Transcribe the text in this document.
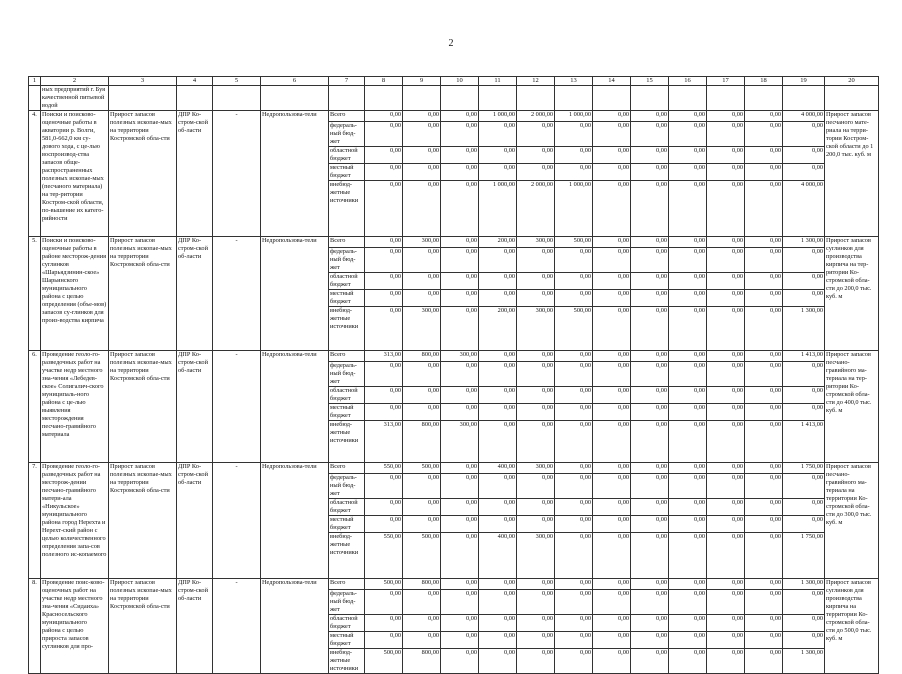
2
1	2	3	4	5	6	7	8	9	10	11	12	13	14	15	16	17	18	19	20
	ных предприятий г. Буя качественной питьевой водой																		
4.	Поиски и поисково-оценочные работы в акватории р. Волги, 581,0-662,0 км су-дового хода, с це-лью воспроизвод-ства запасов обще-распространенных полезных ископае-мых (песчаного материала) на тер-ритории Костром-ской области, по-вышение их катего-рийности	Прирост запасов полезных ископае-мых на территории Костромской обла-сти	ДПР Ко-стром-ской об-ласти	-	Недропользова-тели	Всего	0,00	0,00	0,00	1 000,00	2 000,00	1 000,00	0,00	0,00	0,00	0,00	0,00	4 000,00	Прирост запасов песчаного мате-риала на терри-тории Костром-ской области до 1 200,0 тыс. куб. м
						федераль-ный бюд-жет	0,00	0,00	0,00	0,00	0,00	0,00	0,00	0,00	0,00	0,00	0,00	0,00	
						областной бюджет	0,00	0,00	0,00	0,00	0,00	0,00	0,00	0,00	0,00	0,00	0,00	0,00	
						местный бюджет	0,00	0,00	0,00	0,00	0,00	0,00	0,00	0,00	0,00	0,00	0,00	0,00	
						внебюд-жетные источники	0,00	0,00	0,00	1 000,00	2 000,00	1 000,00	0,00	0,00	0,00	0,00	0,00	4 000,00	
5.	Поиски и поисково-оценочные работы в районе месторож-дения суглинков «Шарьядзинин-ское» Шарьинского муниципального района с целью определения (объе-мов) запасов су-глинков для произ-водства кирпича	Прирост запасов полезных ископае-мых на территории Костромской обла-сти	ДПР Ко-стром-ской об-ласти	-	Недропользова-тели	Всего	0,00	300,00	0,00	200,00	300,00	500,00	0,00	0,00	0,00	0,00	0,00	1 300,00	Прирост запасов суглинков для производства кирпича на тер-ритории Ко-стромской обла-сти до 200,0 тыс. куб. м
						федераль-ный бюд-жет	0,00	0,00	0,00	0,00	0,00	0,00	0,00	0,00	0,00	0,00	0,00	0,00	
						областной бюджет	0,00	0,00	0,00	0,00	0,00	0,00	0,00	0,00	0,00	0,00	0,00	0,00	
						местный бюджет	0,00	0,00	0,00	0,00	0,00	0,00	0,00	0,00	0,00	0,00	0,00	0,00	
						внебюд-жетные источники	0,00	300,00	0,00	200,00	300,00	500,00	0,00	0,00	0,00	0,00	0,00	1 300,00	
6.	Проведение геоло-го-разведочных работ на участке недр местного зна-чения «Лебедев-ское» Солигалич-ского муниципаль-ного района с це-лью выявления месторождения песчано-гравийного материала	Прирост запасов полезных ископае-мых на территории Костромской обла-сти	ДПР Ко-стром-ской об-ласти	-	Недропользова-тели	Всего	313,00	800,00	300,00	0,00	0,00	0,00	0,00	0,00	0,00	0,00	0,00	1 413,00	Прирост запасов песчано-гравийного ма-териала на тер-ритории Ко-стромской обла-сти до 400,0 тыс. куб. м
						федераль-ный бюд-жет	0,00	0,00	0,00	0,00	0,00	0,00	0,00	0,00	0,00	0,00	0,00	0,00	
						областной бюджет	0,00	0,00	0,00	0,00	0,00	0,00	0,00	0,00	0,00	0,00	0,00	0,00	
						местный бюджет	0,00	0,00	0,00	0,00	0,00	0,00	0,00	0,00	0,00	0,00	0,00	0,00	
						внебюд-жетные источники	313,00	800,00	300,00	0,00	0,00	0,00	0,00	0,00	0,00	0,00	0,00	1 413,00	
7.	Проведение геоло-го-разведочных работ на месторож-дении песчано-гравийного матери-ала «Никульское» муниципального района город Нерехта и Нерехт-ский район с целью количественного определения запа-сов полезного ис-копаемого	Прирост запасов полезных ископае-мых на территории Костромской обла-сти	ДПР Ко-стром-ской об-ласти	-	Недропользова-тели	Всего	550,00	500,00	0,00	400,00	300,00	0,00	0,00	0,00	0,00	0,00	0,00	1 750,00	Прирост запасов песчано-гравийного ма-териала на территории Ко-стромской обла-сти до 300,0 тыс. куб. м
						федераль-ный бюд-жет	0,00	0,00	0,00	0,00	0,00	0,00	0,00	0,00	0,00	0,00	0,00	0,00	
						областной бюджет	0,00	0,00	0,00	0,00	0,00	0,00	0,00	0,00	0,00	0,00	0,00	0,00	
						местный бюджет	0,00	0,00	0,00	0,00	0,00	0,00	0,00	0,00	0,00	0,00	0,00	0,00	
						внебюд-жетные источники	550,00	500,00	0,00	400,00	300,00	0,00	0,00	0,00	0,00	0,00	0,00	1 750,00	
8.	Проведение поис-ково-оценочных работ на участке недр местного зна-чения «Сидаиха» Красносельского муниципального района с целью прироста запасов суглинков для про-	Прирост запасов полезных ископае-мых на территории Костромской обла-сти	ДПР Ко-стром-ской об-ласти	-	Недропользова-тели	Всего	500,00	800,00	0,00	0,00	0,00	0,00	0,00	0,00	0,00	0,00	0,00	1 300,00	Прирост запасов суглинков для производства кирпича на территории Ко-стромской обла-сти до 500,0 тыс. куб. м
						федераль-ный бюд-жет	0,00	0,00	0,00	0,00	0,00	0,00	0,00	0,00	0,00	0,00	0,00	0,00	
						областной бюджет	0,00	0,00	0,00	0,00	0,00	0,00	0,00	0,00	0,00	0,00	0,00	0,00	
						местный бюджет	0,00	0,00	0,00	0,00	0,00	0,00	0,00	0,00	0,00	0,00	0,00	0,00	
						внебюд-жетные источники	500,00	800,00	0,00	0,00	0,00	0,00	0,00	0,00	0,00	0,00	0,00	1 300,00	
